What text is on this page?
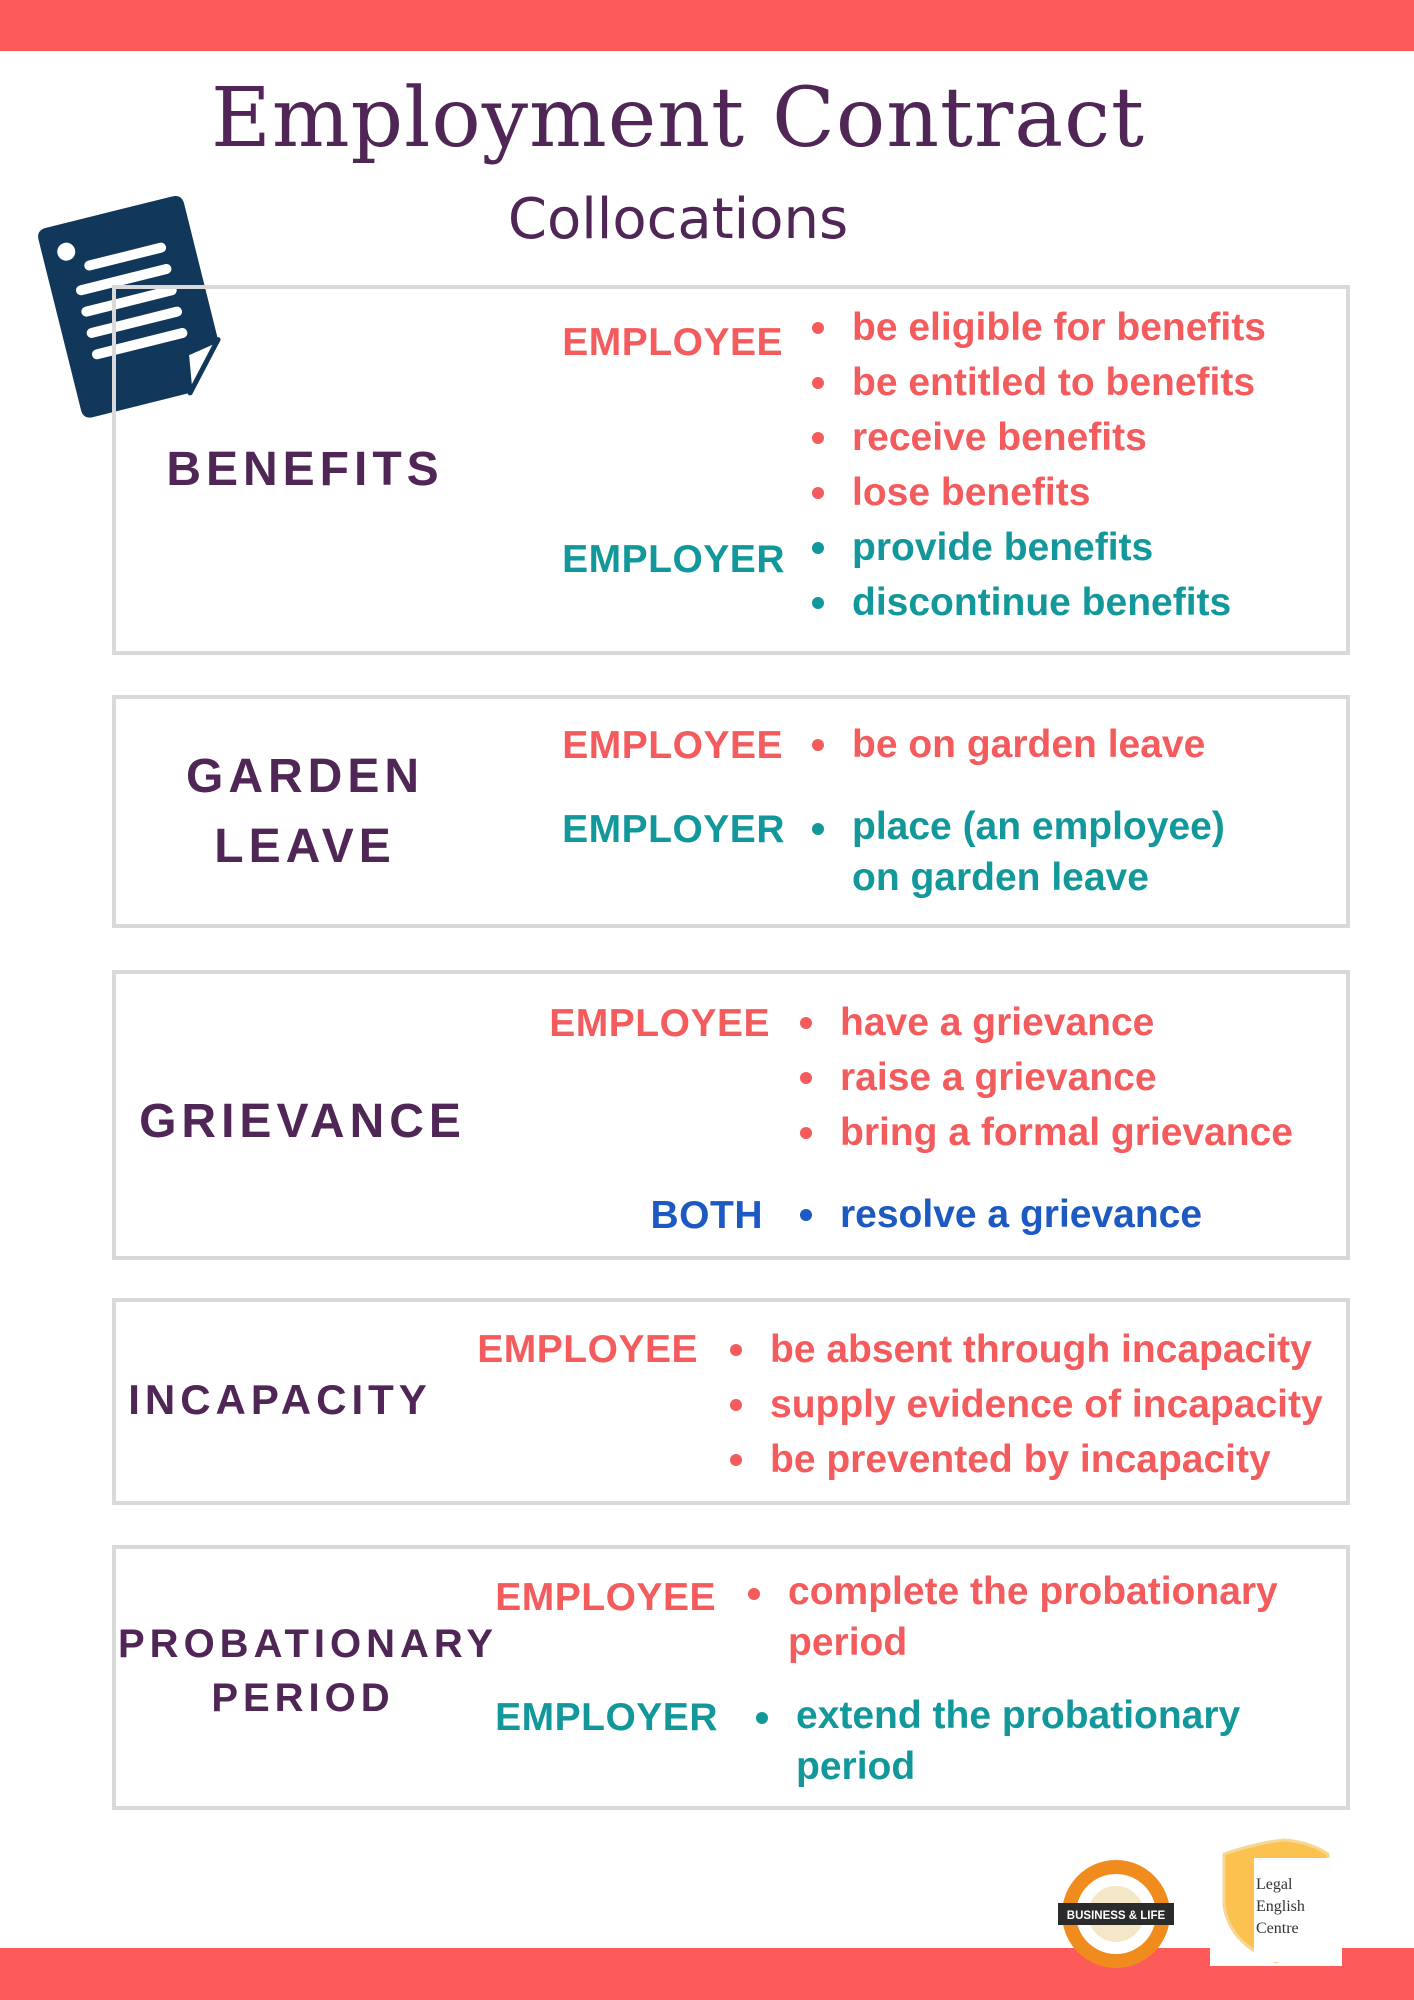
Employment Contract
Collocations
BENEFITS
EMPLOYEE	be eligible for benefits
be entitled to benefits
receive benefits
lose benefits
EMPLOYER	provide benefits
discontinue benefits
GARDEN
LEAVE
EMPLOYEE	be on garden leave
EMPLOYER	place (an employee) on garden leave
GRIEVANCE
EMPLOYEE	have a grievance
raise a grievance
bring a formal grievance
BOTH	resolve a grievance
INCAPACITY
EMPLOYEE	be absent through incapacity
supply evidence of incapacity
be prevented by incapacity
PROBATIONARY
PERIOD
EMPLOYEE	complete the probationary period
EMPLOYER	extend the probationary period
BUSINESS & LIFE
Legal
English
Centre
